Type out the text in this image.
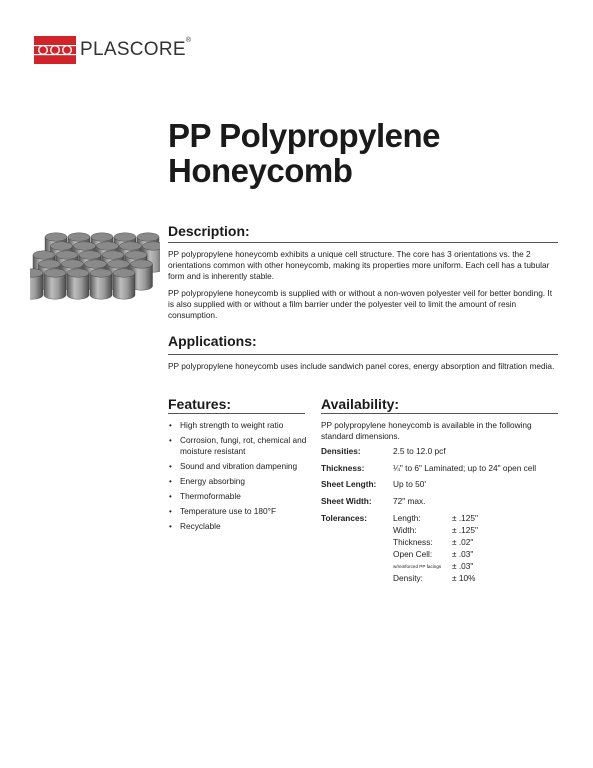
PLASCORE®
PP Polypropylene
Honeycomb
Description:
PP polypropylene honeycomb exhibits a unique cell structure. The core has 3 orientations vs. the 2 orientations common with other honeycomb, making its properties more uniform. Each cell has a tubular form and is inherently stable.
PP polypropylene honeycomb is supplied with or without a non-woven polyester veil for better bonding. It is also supplied with or without a film barrier under the polyester veil to limit the amount of resin consumption.
Applications:
PP polypropylene honeycomb uses include sandwich panel cores, energy absorption and filtration media.
Features:
• High strength to weight ratio
• Corrosion, fungi, rot, chemical and moisture resistant
• Sound and vibration dampening
• Energy absorbing
• Thermoformable
• Temperature use to 180°F
• Recyclable
Availability:
PP polypropylene honeycomb is available in the following standard dimensions.
Densities:	2.5 to 12.0 pcf
Thickness:	¼" to 6" Laminated; up to 24" open cell
Sheet Length: Up to 50'
Sheet Width:	72" max.
Tolerances:	Length:	± .125"
Width:	± .125"
Thickness: ± .02"
Open Cell: ± .03"
w/reinforced PP facings ± .03"
Density:	± 10%
